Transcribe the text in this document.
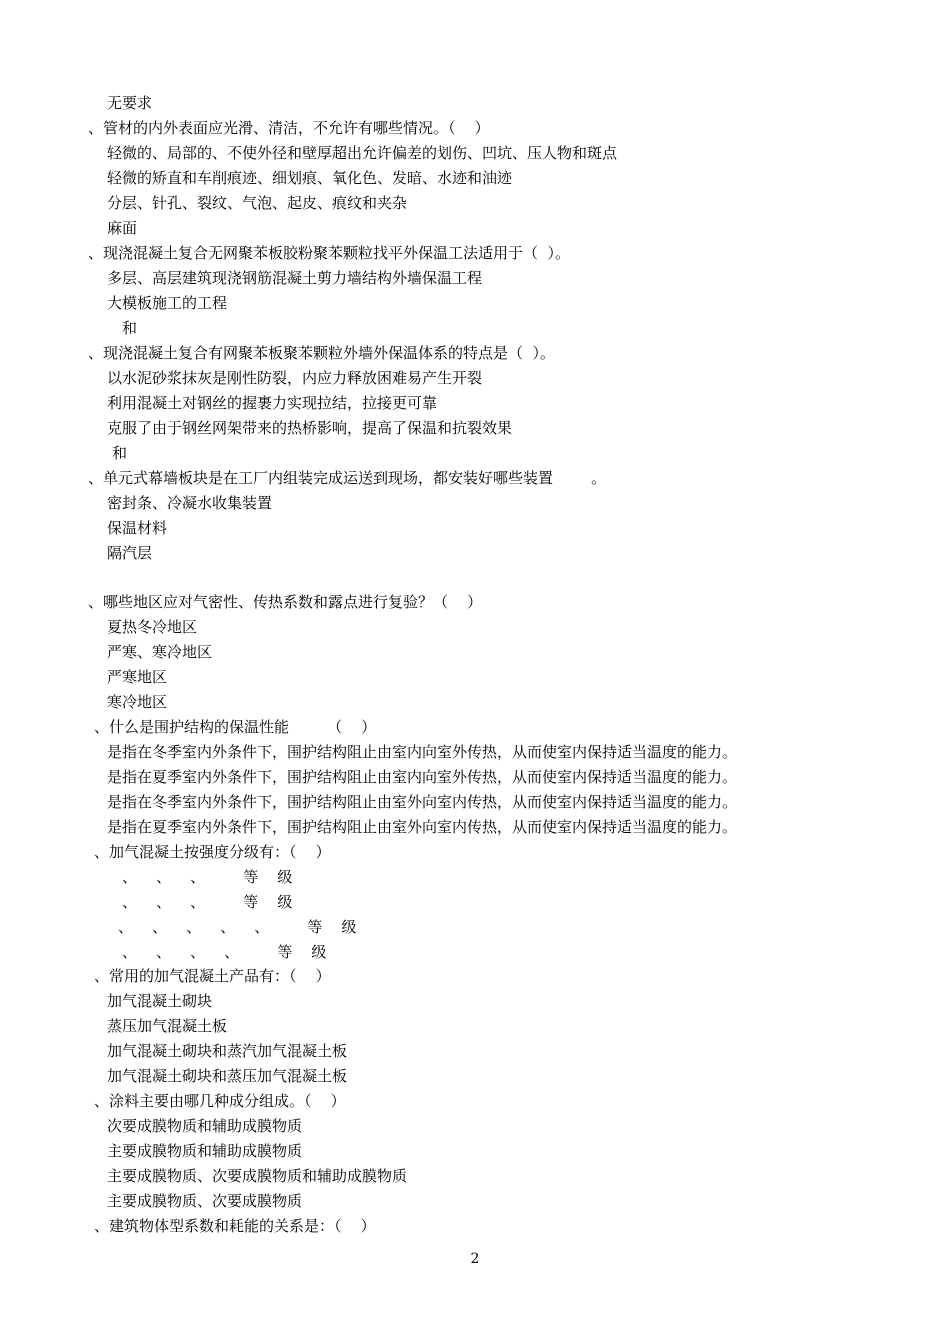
无要求
、管材的内外表面应光滑、清洁，不允许有哪些情况。（    ）
轻微的、局部的、不使外径和壁厚超出允许偏差的划伤、凹坑、压人物和斑点
轻微的矫直和车削痕迹、细划痕、氧化色、发暗、水迹和油迹
分层、针孔、裂纹、气泡、起皮、痕纹和夹杂
麻面
、现浇混凝土复合无网聚苯板胶粉聚苯颗粒找平外保温工法适用于（  ）。
多层、高层建筑现浇钢筋混凝土剪力墙结构外墙保温工程
大模板施工的工程
和
、现浇混凝土复合有网聚苯板聚苯颗粒外墙外保温体系的特点是（  ）。
以水泥砂浆抹灰是刚性防裂，内应力释放困难易产生开裂
利用混凝土对钢丝的握裹力实现拉结，拉接更可靠
克服了由于钢丝网架带来的热桥影响，提高了保温和抗裂效果
和
、单元式幕墙板块是在工厂内组装完成运送到现场，都安装好哪些装置        。
密封条、冷凝水收集装置
保温材料
隔汽层
、哪些地区应对气密性、传热系数和露点进行复验？（    ）
夏热冬冷地区
严寒、寒冷地区
严寒地区
寒冷地区
、什么是围护结构的保温性能        （    ）
是指在冬季室内外条件下，围护结构阻止由室内向室外传热，从而使室内保持适当温度的能力。
是指在夏季室内外条件下，围护结构阻止由室内向室外传热，从而使室内保持适当温度的能力。
是指在冬季室内外条件下，围护结构阻止由室外向室内传热，从而使室内保持适当温度的能力。
是指在夏季室内外条件下，围护结构阻止由室外向室内传热，从而使室内保持适当温度的能力。
、加气混凝土按强度分级有：（    ）
、    、    、        等    级
、    、    、        等    级
、    、    、    、    、        等    级
、    、    、    、        等    级
、常用的加气混凝土产品有：（    ）
加气混凝土砌块
蒸压加气混凝土板
加气混凝土砌块和蒸汽加气混凝土板
加气混凝土砌块和蒸压加气混凝土板
、涂料主要由哪几种成分组成。（    ）
次要成膜物质和辅助成膜物质
主要成膜物质和辅助成膜物质
主要成膜物质、次要成膜物质和辅助成膜物质
主要成膜物质、次要成膜物质
、建筑物体型系数和耗能的关系是：（    ）
2
